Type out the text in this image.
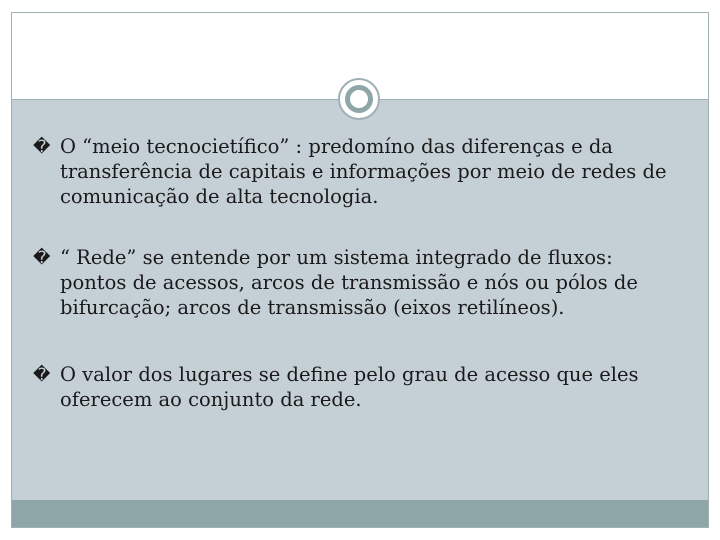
� O “meio tecnocietífico” : predomíno das diferenças e da transferência de capitais e informações por meio de redes de comunicação de alta tecnologia.
� “ Rede” se entende por um sistema integrado de fluxos: pontos de acessos, arcos de transmissão e nós ou pólos de bifurcação; arcos de transmissão (eixos retilíneos).
� O valor dos lugares se define pelo grau de acesso que eles oferecem ao conjunto da rede.
